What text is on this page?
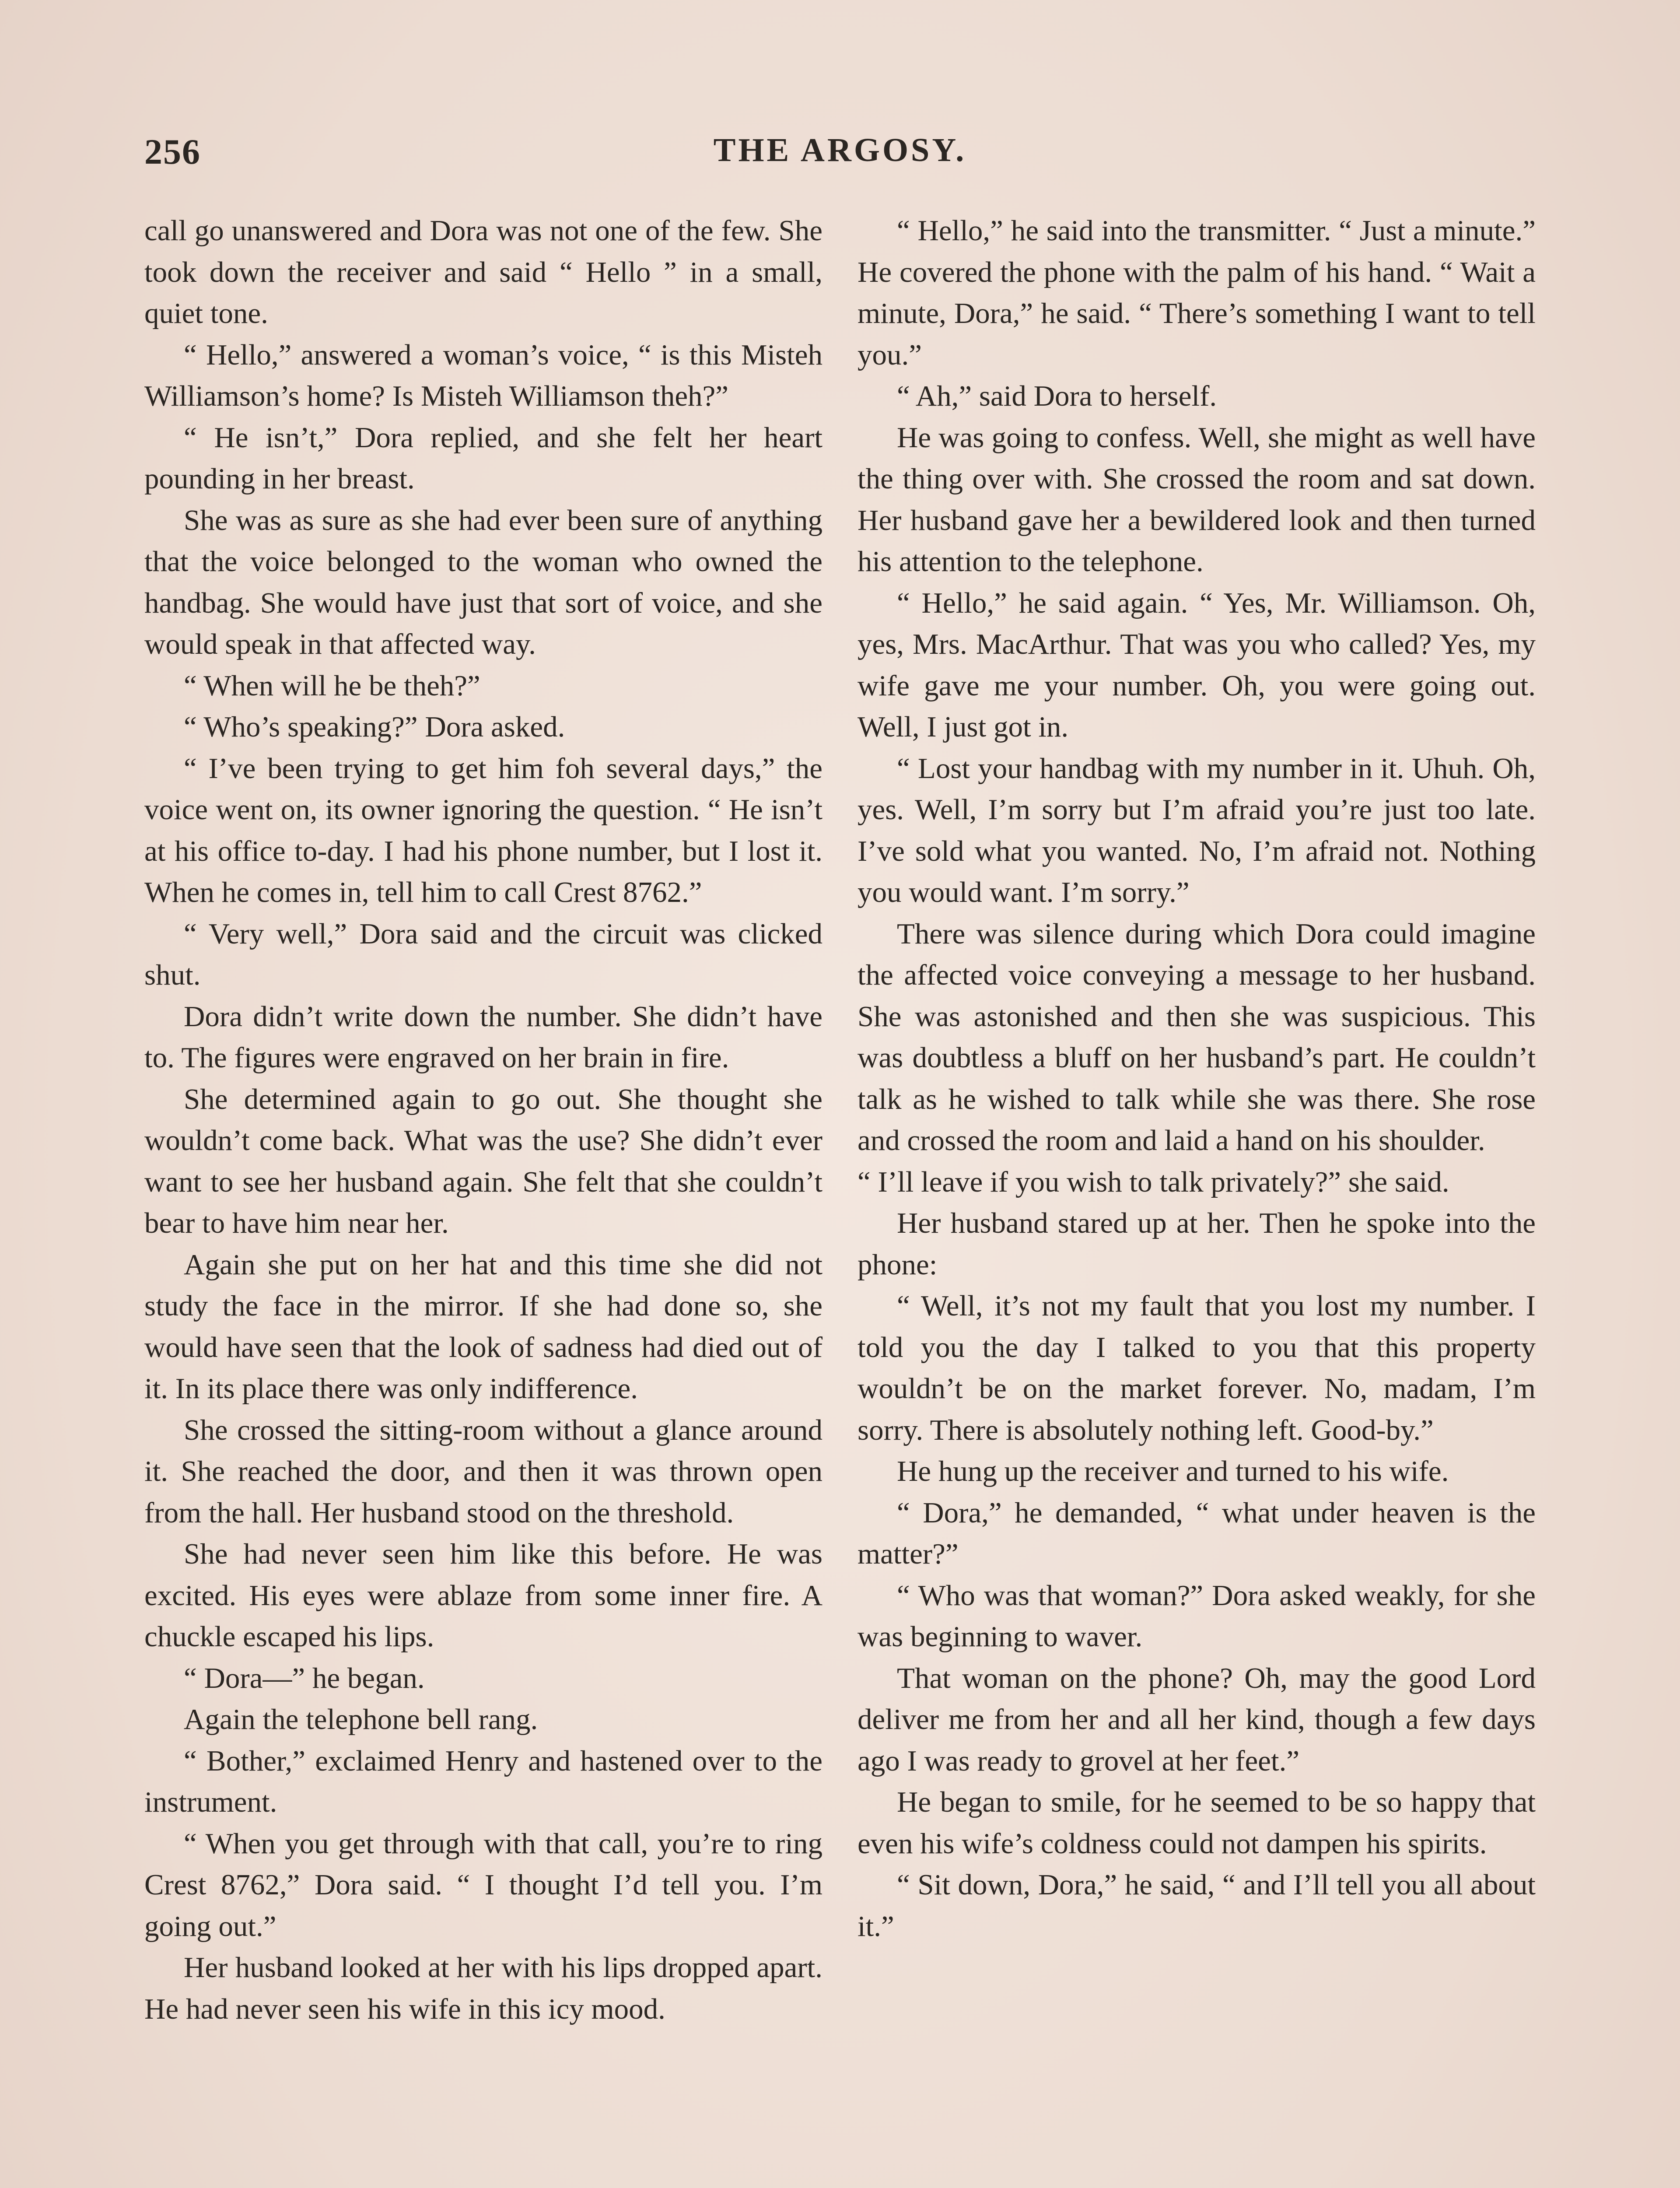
256	THE ARGOSY.

call go unanswered and Dora was not one of the few. She took down the receiver and said “ Hello ” in a small, quiet tone.

“ Hello,” answered a woman’s voice, “ is this Misteh Williamson’s home? Is Misteh Williamson theh?”

“ He isn’t,” Dora replied, and she felt her heart pounding in her breast.

She was as sure as she had ever been sure of anything that the voice belonged to the woman who owned the handbag. She would have just that sort of voice, and she would speak in that affected way.

“ When will he be theh?”

“ Who’s speaking?” Dora asked.

“ I’ve been trying to get him foh several days,” the voice went on, its owner ignoring the question. “ He isn’t at his office to-day. I had his phone number, but I lost it. When he comes in, tell him to call Crest 8762.”

“ Very well,” Dora said and the circuit was clicked shut.

Dora didn’t write down the number. She didn’t have to. The figures were engraved on her brain in fire.

She determined again to go out. She thought she wouldn’t come back. What was the use? She didn’t ever want to see her husband again. She felt that she couldn’t bear to have him near her.

Again she put on her hat and this time she did not study the face in the mirror. If she had done so, she would have seen that the look of sadness had died out of it. In its place there was only indifference.

She crossed the sitting-room without a glance around it. She reached the door, and then it was thrown open from the hall. Her husband stood on the threshold.

She had never seen him like this before. He was excited. His eyes were ablaze from some inner fire. A chuckle escaped his lips.

“ Dora—” he began.

Again the telephone bell rang.

“ Bother,” exclaimed Henry and hastened over to the instrument.

“ When you get through with that call, you’re to ring Crest 8762,” Dora said. “ I thought I’d tell you. I’m going out.”

Her husband looked at her with his lips dropped apart. He had never seen his wife in this icy mood.

“ Hello,” he said into the transmitter. “ Just a minute.” He covered the phone with the palm of his hand. “ Wait a minute, Dora,” he said. “ There’s something I want to tell you.”

“ Ah,” said Dora to herself.

He was going to confess. Well, she might as well have the thing over with. She crossed the room and sat down. Her husband gave her a bewildered look and then turned his attention to the telephone.

“ Hello,” he said again. “ Yes, Mr. Williamson. Oh, yes, Mrs. MacArthur. That was you who called? Yes, my wife gave me your number. Oh, you were going out. Well, I just got in.

“ Lost your handbag with my number in it. Uhuh. Oh, yes. Well, I’m sorry but I’m afraid you’re just too late. I’ve sold what you wanted. No, I’m afraid not. Nothing you would want. I’m sorry.”

There was silence during which Dora could imagine the affected voice conveying a message to her husband. She was astonished and then she was suspicious. This was doubtless a bluff on her husband’s part. He couldn’t talk as he wished to talk while she was there. She rose and crossed the room and laid a hand on his shoulder.

“ I’ll leave if you wish to talk privately?” she said.

Her husband stared up at her. Then he spoke into the phone:

“ Well, it’s not my fault that you lost my number. I told you the day I talked to you that this property wouldn’t be on the market forever. No, madam, I’m sorry. There is absolutely nothing left. Good-by.”

He hung up the receiver and turned to his wife.

“ Dora,” he demanded, “ what under heaven is the matter?”

“ Who was that woman?” Dora asked weakly, for she was beginning to waver.

That woman on the phone? Oh, may the good Lord deliver me from her and all her kind, though a few days ago I was ready to grovel at her feet.”

He began to smile, for he seemed to be so happy that even his wife’s coldness could not dampen his spirits.

“ Sit down, Dora,” he said, “ and I’ll tell you all about it.”
